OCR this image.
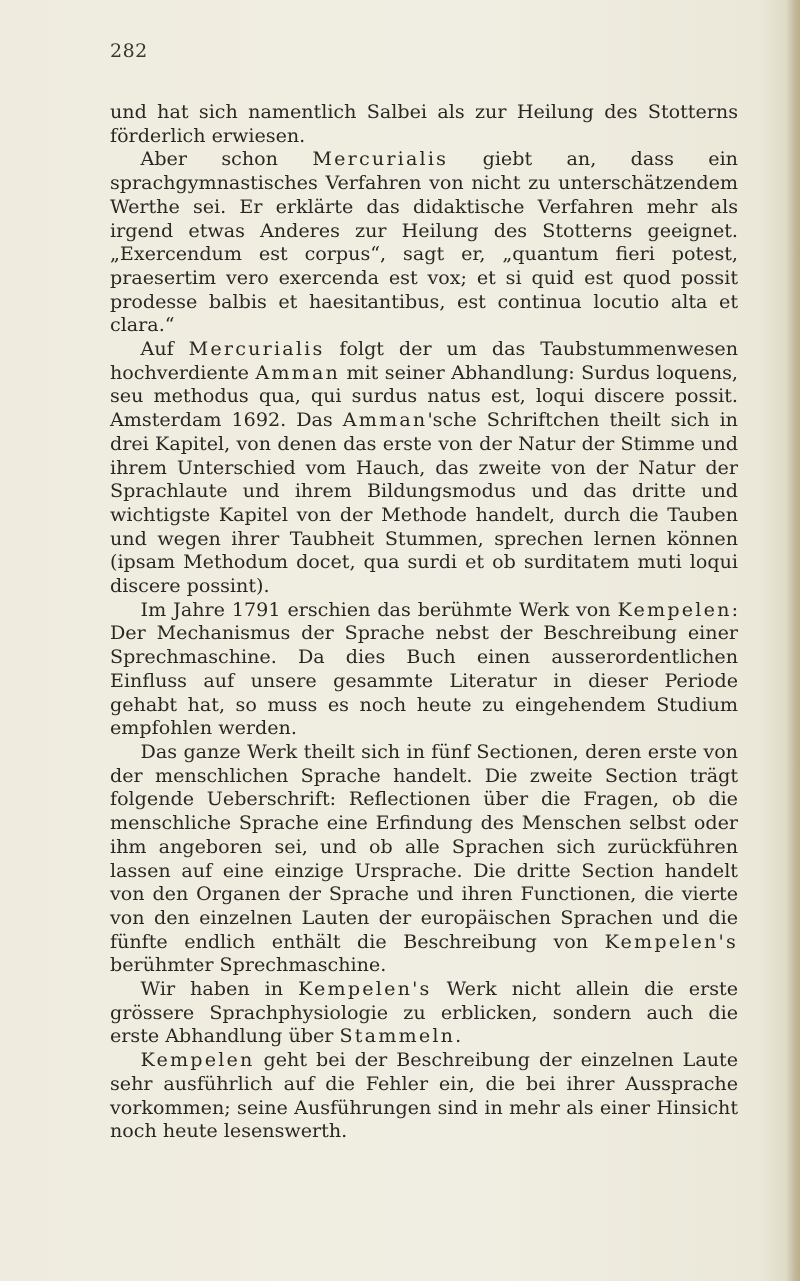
282

und hat sich namentlich Salbei als zur Heilung des Stotterns förderlich erwiesen.

Aber schon Mercurialis giebt an, dass ein sprachgymnastisches Verfahren von nicht zu unterschätzendem Werthe sei. Er erklärte das didaktische Verfahren mehr als irgend etwas Anderes zur Heilung des Stotterns geeignet. „Exercendum est corpus“, sagt er, „quantum fieri potest, praesertim vero exercenda est vox; et si quid est quod possit prodesse balbis et haesitantibus, est continua locutio alta et clara.“

Auf Mercurialis folgt der um das Taubstummenwesen hochverdiente Amman mit seiner Abhandlung: Surdus loquens, seu methodus qua, qui surdus natus est, loqui discere possit. Amsterdam 1692. Das Amman'sche Schriftchen theilt sich in drei Kapitel, von denen das erste von der Natur der Stimme und ihrem Unterschied vom Hauch, das zweite von der Natur der Sprachlaute und ihrem Bildungsmodus und das dritte und wichtigste Kapitel von der Methode handelt, durch die Tauben und wegen ihrer Taubheit Stummen, sprechen lernen können (ipsam Methodum docet, qua surdi et ob surditatem muti loqui discere possint).

Im Jahre 1791 erschien das berühmte Werk von Kempelen: Der Mechanismus der Sprache nebst der Beschreibung einer Sprechmaschine. Da dies Buch einen ausserordentlichen Einfluss auf unsere gesammte Literatur in dieser Periode gehabt hat, so muss es noch heute zu eingehendem Studium empfohlen werden.

Das ganze Werk theilt sich in fünf Sectionen, deren erste von der menschlichen Sprache handelt. Die zweite Section trägt folgende Ueberschrift: Reflectionen über die Fragen, ob die menschliche Sprache eine Erfindung des Menschen selbst oder ihm angeboren sei, und ob alle Sprachen sich zurückführen lassen auf eine einzige Ursprache. Die dritte Section handelt von den Organen der Sprache und ihren Functionen, die vierte von den einzelnen Lauten der europäischen Sprachen und die fünfte endlich enthält die Beschreibung von Kempelen's berühmter Sprechmaschine.

Wir haben in Kempelen's Werk nicht allein die erste grössere Sprachphysiologie zu erblicken, sondern auch die erste Abhandlung über Stammeln.

Kempelen geht bei der Beschreibung der einzelnen Laute sehr ausführlich auf die Fehler ein, die bei ihrer Aussprache vorkommen; seine Ausführungen sind in mehr als einer Hinsicht noch heute lesenswerth.
